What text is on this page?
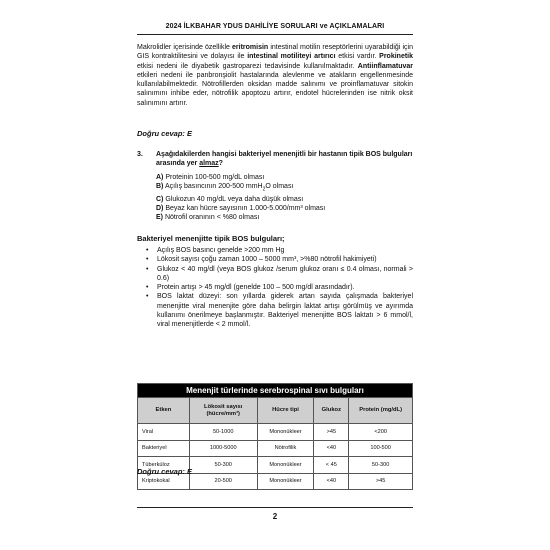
2024 İLKBAHAR YDUS DAHİLİYE SORULARI ve AÇIKLAMALARI
Makrolidler içerisinde özellikle eritromisin intestinal motilin reseptörlerini uyarabildiği için GIS kontraktilitesini ve dolayısı ile intestinal motiliteyi artırıcı etkisi vardır. Prokinetik etkisi nedeni ile diyabetik gastroparezi tedavisinde kullanılmaktadır. Antiinflamatuvar etkileri nedeni ile panbronşiolit hastalarında alevlenme ve atakların engellenmesinde kullanılabilmektedir. Nötrofillerden oksidan madde salınımı ve proinflamatuvar sitokin salınımını inhibe eder, nötrofilik apoptozu artırır, endotel hücrelerinden ise nitrik oksit salınımını artırır.
Doğru cevap: E
3.	Aşağıdakilerden hangisi bakteriyel menenjitli bir hastanın tipik BOS bulguları arasında yer almaz?
A) Proteinin 100-500 mg/dL olması
B) Açılış basıncının 200-500 mmH$_2$O olması
C) Glukozun 40 mg/dL veya daha düşük olması
D) Beyaz kan hücre sayısının 1.000-5.000/mm³ olması
E) Nötrofil oranının < %80 olması
Bakteriyel menenjitte tipik BOS bulguları;
•	Açılış BOS basıncı genelde >200 mm Hg
•	Lökosit sayısı çoğu zaman 1000 – 5000 mm³, >%80 nötrofil hakimiyeti)
•	Glukoz < 40 mg/dl (veya BOS glukoz /serum glukoz oranı ≤ 0.4 olması, normali > 0.6)
•	Protein artışı > 45 mg/dl (genelde 100 – 500 mg/dl arasındadır).
•	BOS laktat düzeyi: son yıllarda giderek artan sayıda çalışmada bakteriyel menenjitte viral menenjite göre daha belirgin laktat artışı görülmüş ve ayırımda kullanımı önerilmeye başlanmıştır. Bakteriyel menenjitte BOS laktatı > 6 mmol/l, viral menenjitlerde < 2 mmol/l.
Menenjit türlerinde serebrospinal sıvı bulguları				
Etken	Lökosit sayısı (hücre/mm³)	Hücre tipi	Glukoz	Protein (mg/dL)
Viral	50-1000	Mononükleer	>45	<200
Bakteriyel	1000-5000	Nötrofilik	<40	100-500
Tüberküloz	50-300	Mononükleer	< 45	50-300
Kriptokokal	20-500	Mononükleer	<40	>45
Doğru cevap: E
2
